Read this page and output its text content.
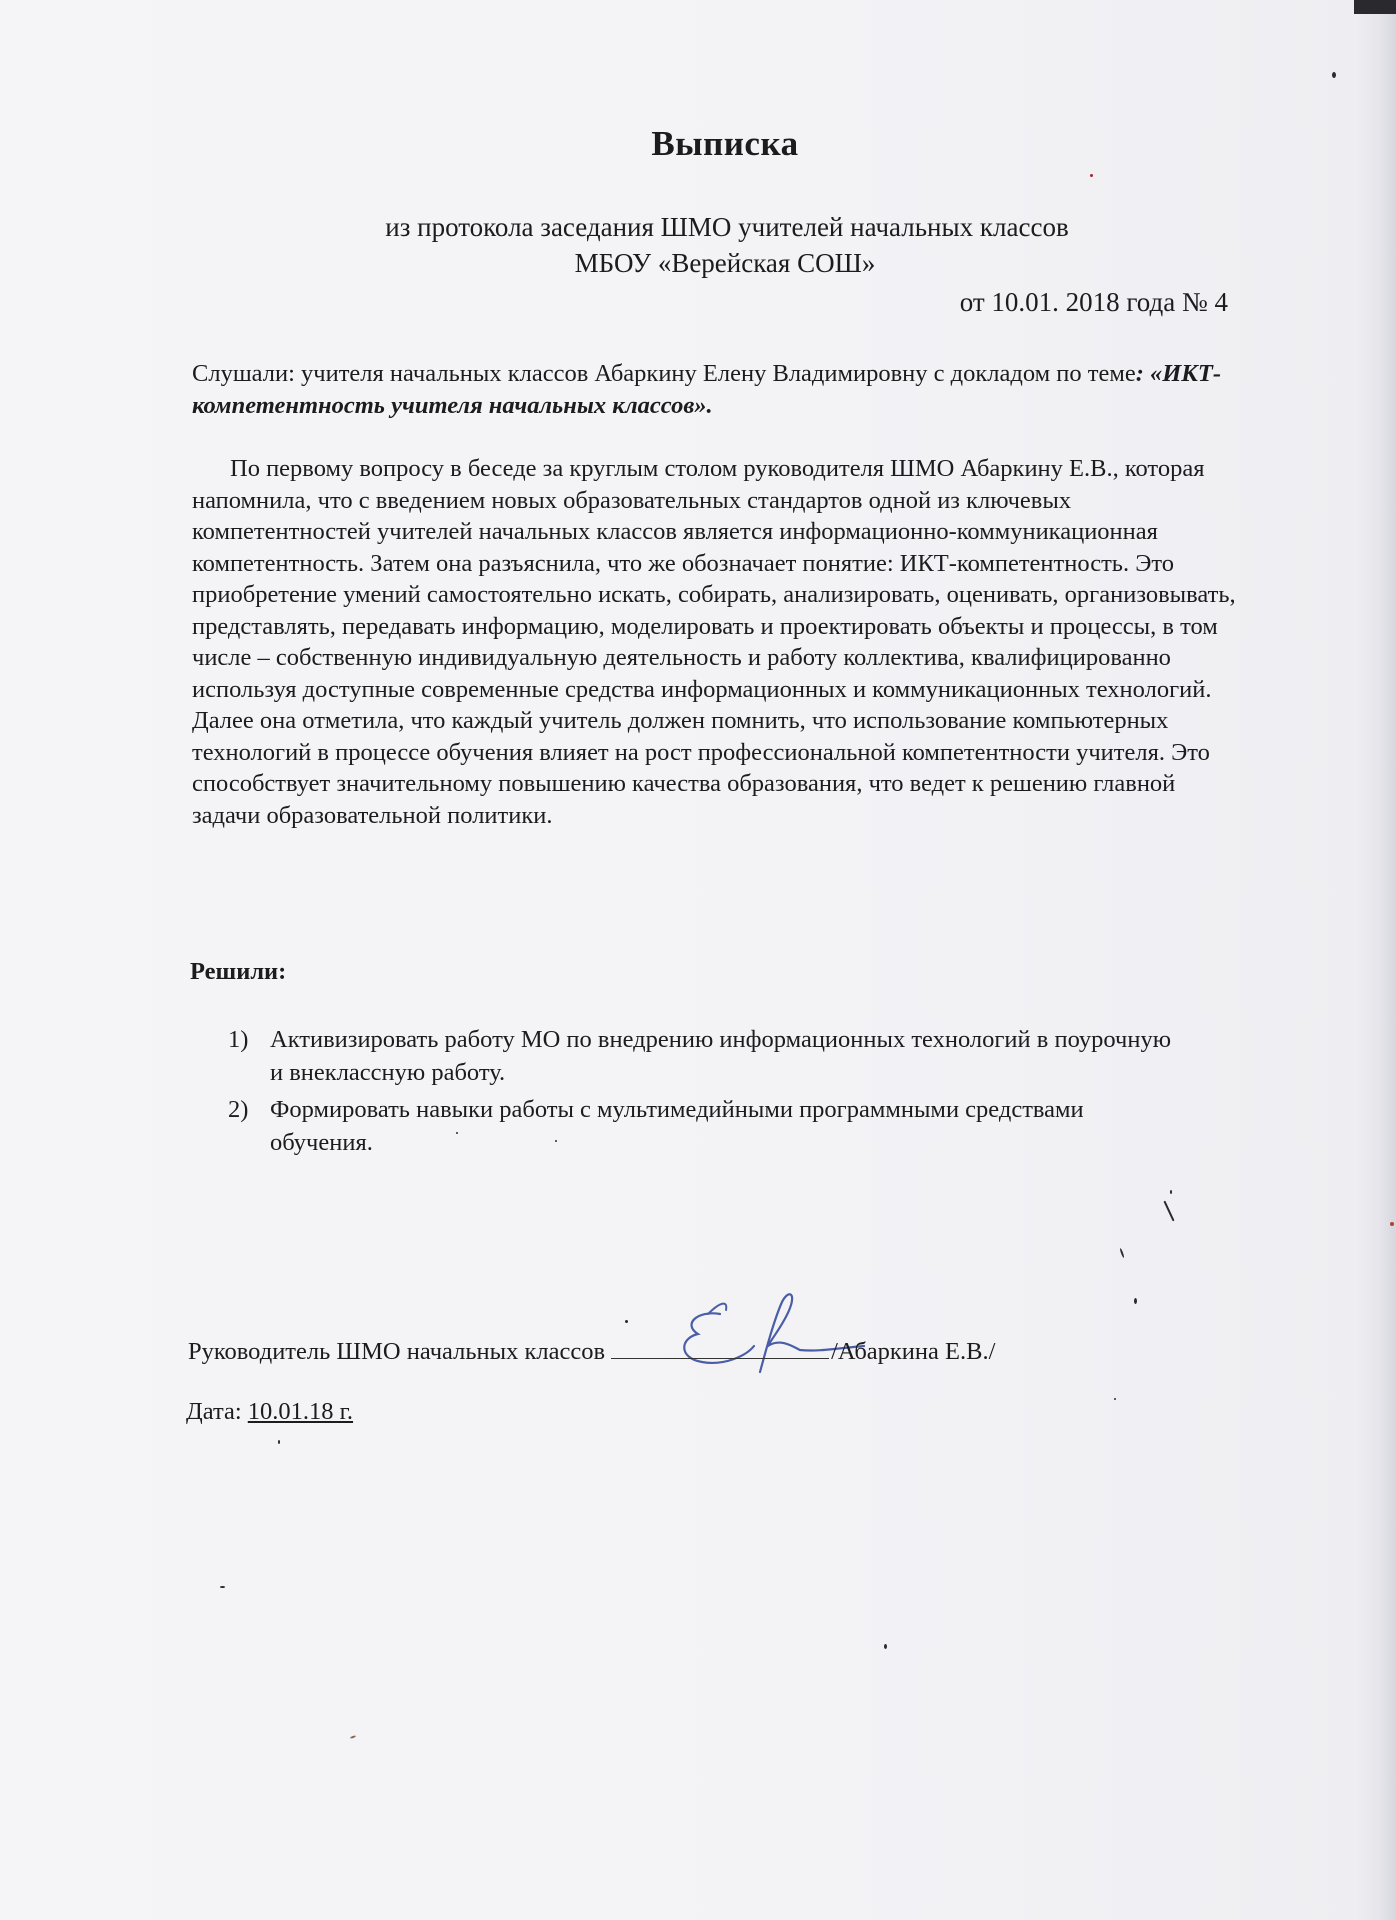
Выписка
из протокола заседания ШМО учителей начальных классов
МБОУ «Верейская СОШ»
от 10.01. 2018 года № 4
Слушали: учителя начальных классов Абаркину Елену Владимировну с докладом по теме: «ИКТ-компетентность учителя начальных классов».
По первому вопросу в беседе за круглым столом руководителя ШМО Абаркину Е.В., которая напомнила, что с введением новых образовательных стандартов одной из ключевых компетентностей учителей начальных классов является информационно-коммуникационная компетентность. Затем она разъяснила, что же обозначает понятие: ИКТ-компетентность. Это приобретение умений самостоятельно искать, собирать, анализировать, оценивать, организовывать, представлять, передавать информацию, моделировать и проектировать объекты и процессы, в том числе – собственную индивидуальную деятельность и работу коллектива, квалифицированно используя доступные современные средства информационных и коммуникационных технологий. Далее она отметила, что каждый учитель должен помнить, что использование компьютерных технологий в процессе обучения влияет на рост профессиональной компетентности учителя. Это способствует значительному повышению качества образования, что ведет к решению главной задачи образовательной политики.
Решили:
1) Активизировать работу МО по внедрению информационных технологий в поурочную и внеклассную работу.
2) Формировать навыки работы с мультимедийными программными средствами обучения.
Руководитель ШМО начальных классов	/Абаркина Е.В./
Дата: 10.01.18 г.
